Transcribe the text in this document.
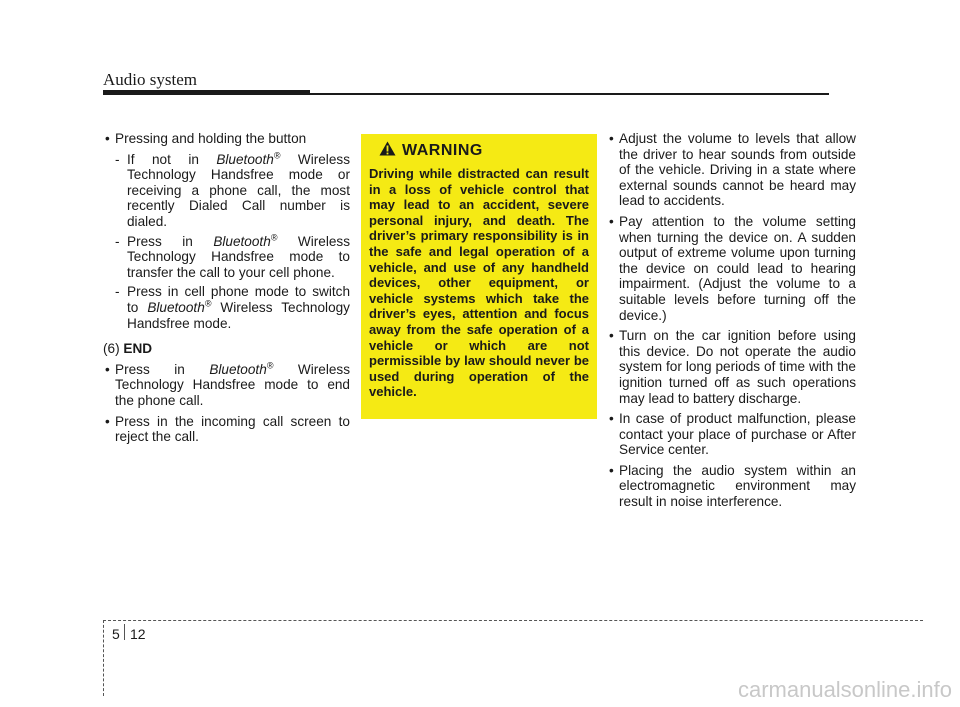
Audio system
• Pressing and holding the button
- If not in Bluetooth® Wireless Technology Handsfree mode or receiving a phone call, the most recently Dialed Call number is dialed.
- Press in Bluetooth® Wireless Technology Handsfree mode to transfer the call to your cell phone.
- Press in cell phone mode to switch to Bluetooth® Wireless Technology Handsfree mode.
(6) END
• Press in Bluetooth® Wireless Technology Handsfree mode to end the phone call.
• Press in the incoming call screen to reject the call.
WARNING
Driving while distracted can result in a loss of vehicle control that may lead to an accident, severe personal injury, and death. The driver’s primary responsibility is in the safe and legal operation of a vehicle, and use of any handheld devices, other equipment, or vehicle systems which take the driver’s eyes, attention and focus away from the safe operation of a vehicle or which are not permissible by law should never be used during operation of the vehicle.
• Adjust the volume to levels that allow the driver to hear sounds from outside of the vehicle. Driving in a state where external sounds cannot be heard may lead to accidents.
• Pay attention to the volume setting when turning the device on. A sudden output of extreme volume upon turning the device on could lead to hearing impairment. (Adjust the volume to a suitable levels before turning off the device.)
• Turn on the car ignition before using this device. Do not operate the audio system for long periods of time with the ignition turned off as such operations may lead to battery discharge.
• In case of product malfunction, please contact your place of purchase or After Service center.
• Placing the audio system within an electromagnetic environment may result in noise interference.
5 12
carmanualsonline.info
